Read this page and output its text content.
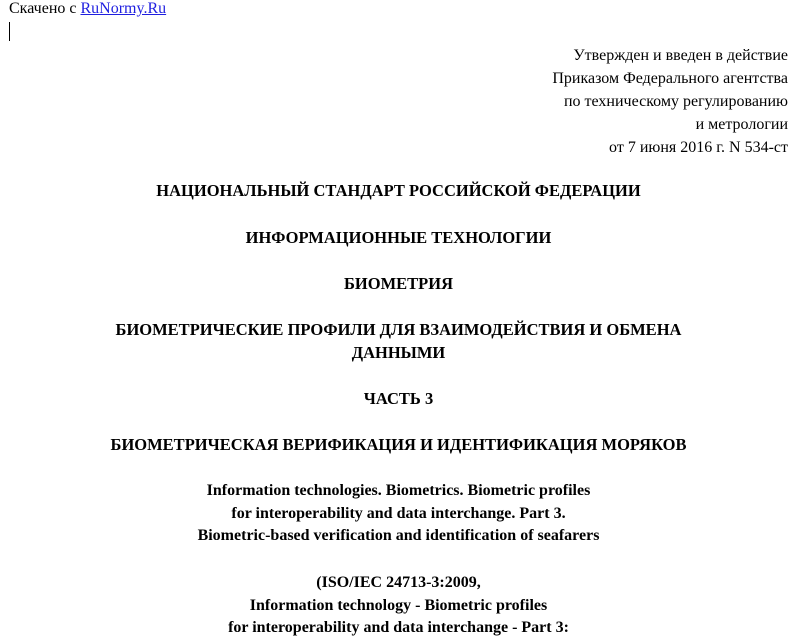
Скачено с RuNormy.Ru
Утвержден и введен в действие
Приказом Федерального агентства
по техническому регулированию
и метрологии
от 7 июня 2016 г. N 534-ст
НАЦИОНАЛЬНЫЙ СТАНДАРТ РОССИЙСКОЙ ФЕДЕРАЦИИ
ИНФОРМАЦИОННЫЕ ТЕХНОЛОГИИ
БИОМЕТРИЯ
БИОМЕТРИЧЕСКИЕ ПРОФИЛИ ДЛЯ ВЗАИМОДЕЙСТВИЯ И ОБМЕНА
ДАННЫМИ
ЧАСТЬ 3
БИОМЕТРИЧЕСКАЯ ВЕРИФИКАЦИЯ И ИДЕНТИФИКАЦИЯ МОРЯКОВ
Information technologies. Biometrics. Biometric profiles
for interoperability and data interchange. Part 3.
Biometric-based verification and identification of seafarers
(ISO/IEC 24713-3:2009,
Information technology - Biometric profiles
for interoperability and data interchange - Part 3:
